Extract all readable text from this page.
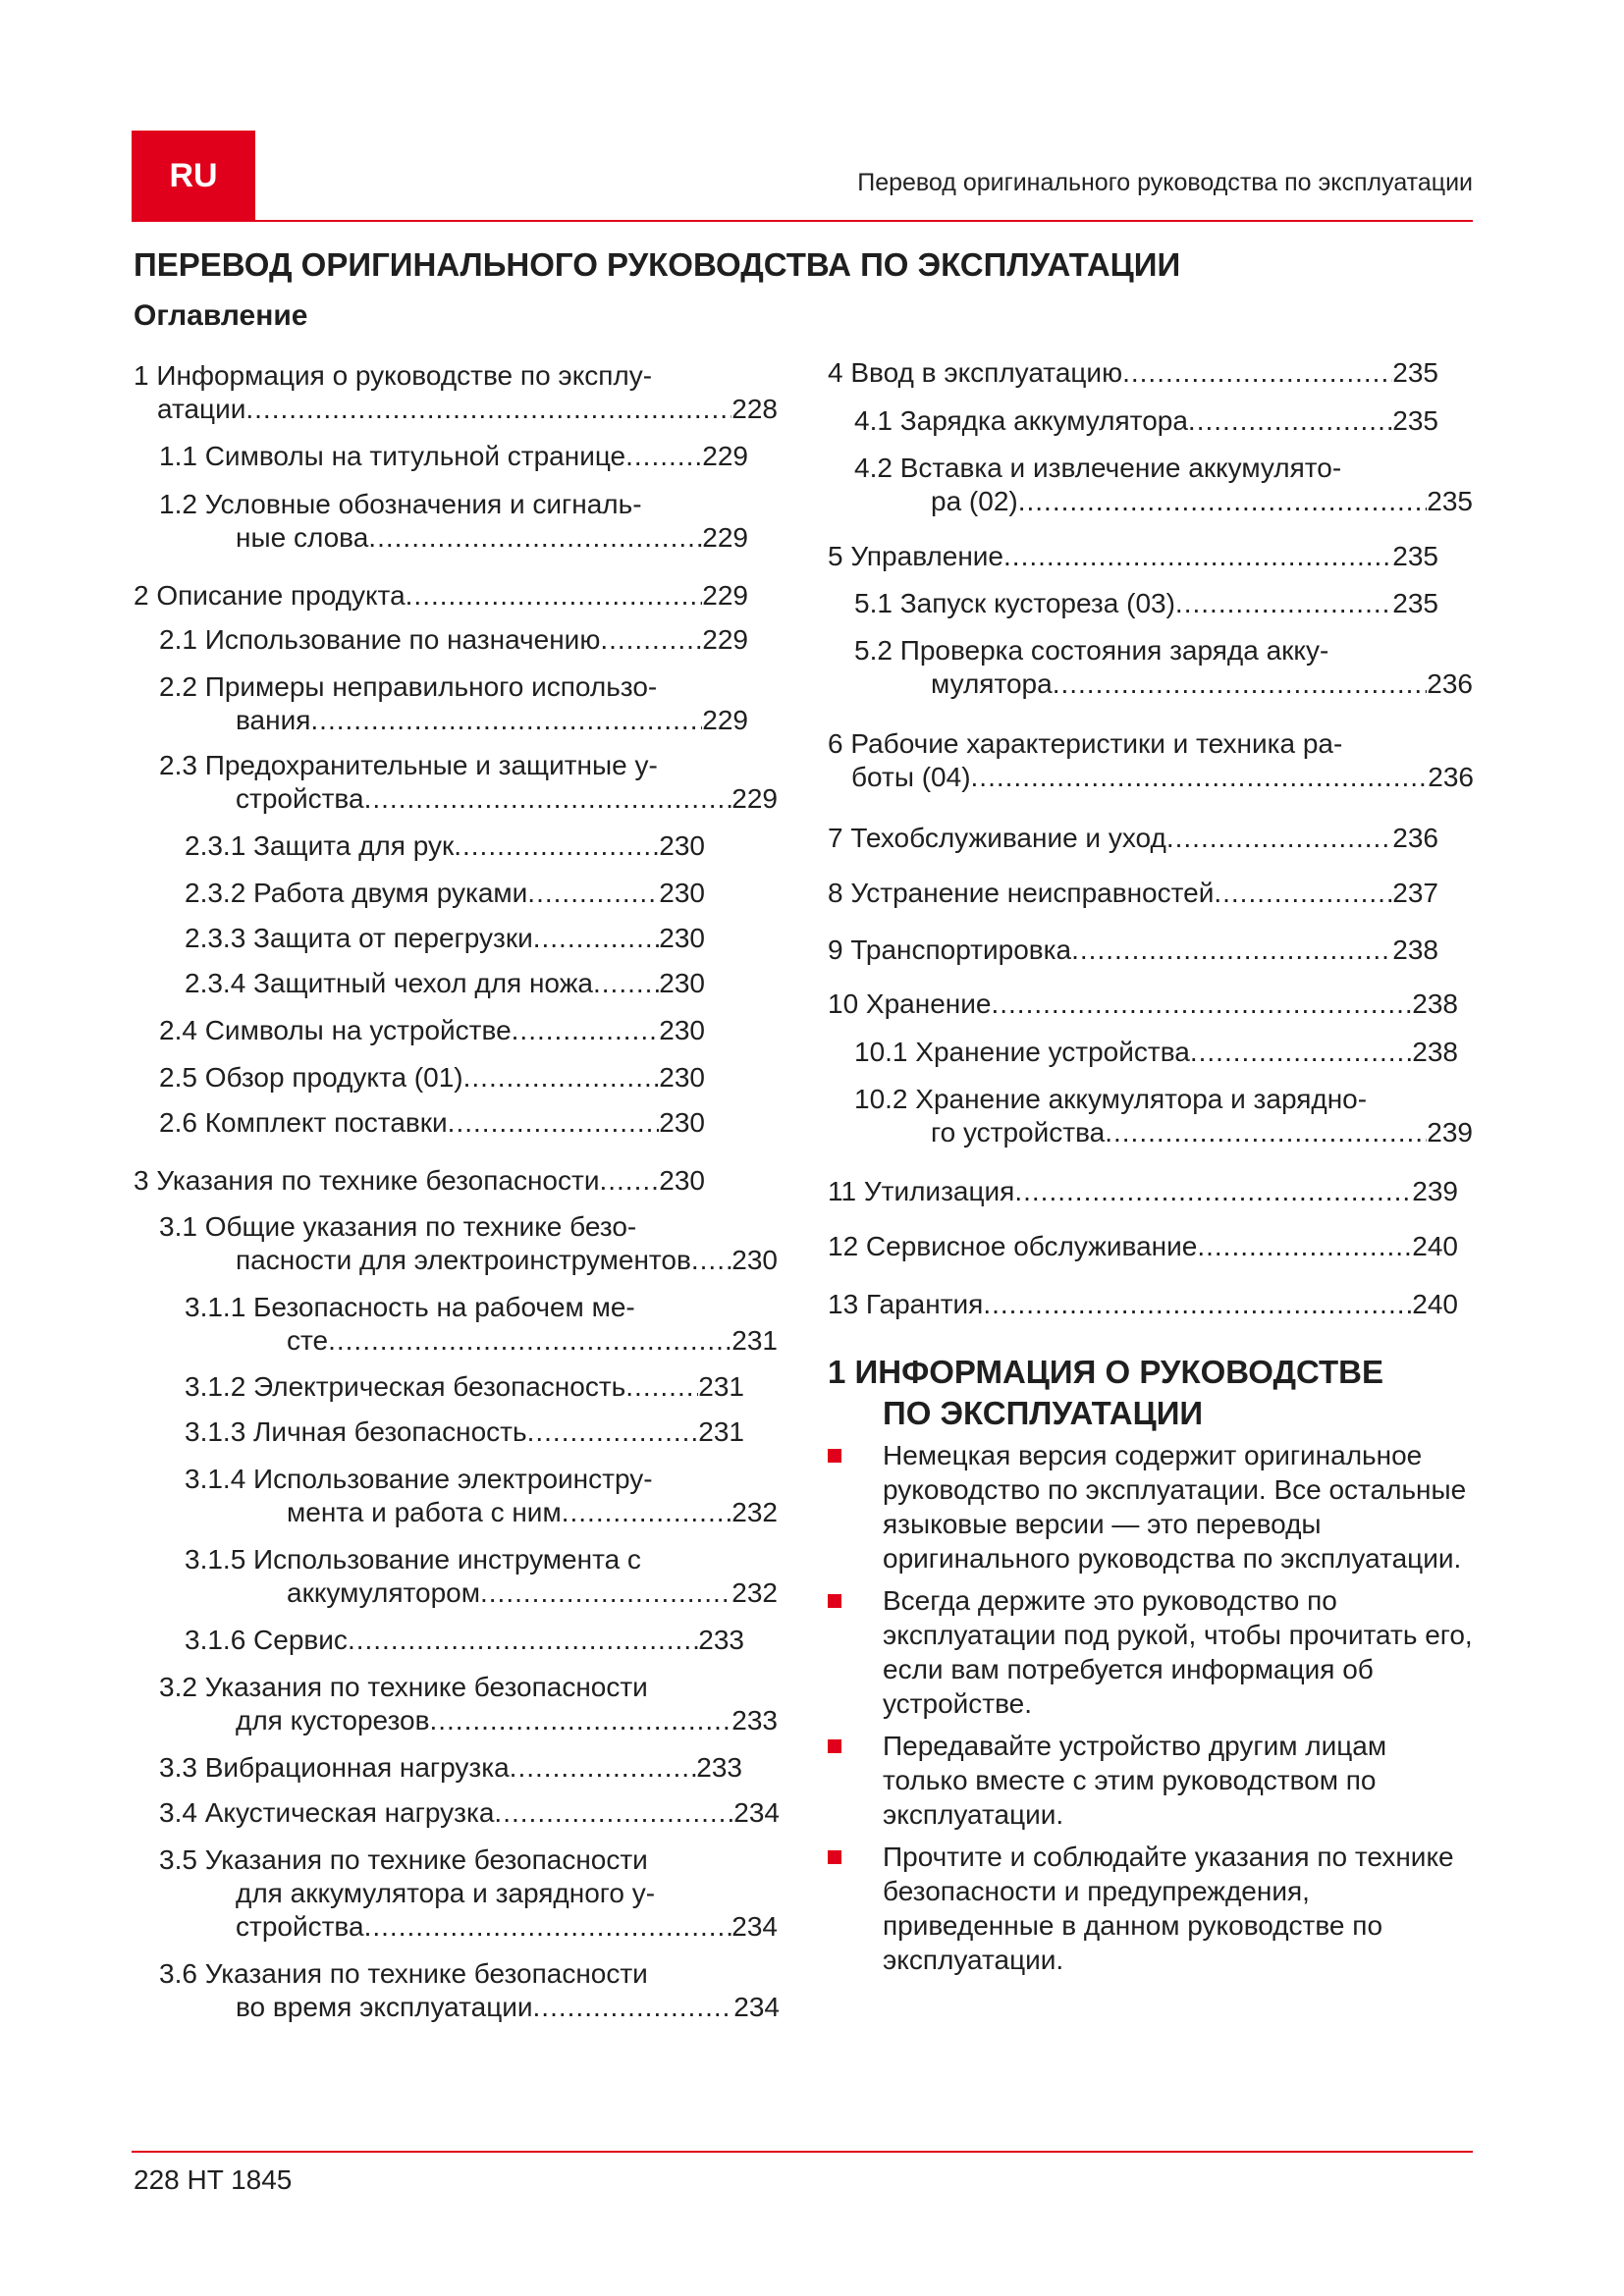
RU	Перевод оригинального руководства по эксплуатации
ПЕРЕВОД ОРИГИНАЛЬНОГО РУКОВОДСТВА ПО ЭКСПЛУАТАЦИИ
Оглавление
1 Информация о руководстве по эксплу-
атации .....	228
1.1 Символы на титульной странице .....	229
1.2 Условные обозначения и сигналь-
ные слова .....	229
2 Описание продукта .....	229
2.1 Использование по назначению .....	229
2.2 Примеры неправильного использо-
вания .....	229
2.3 Предохранительные и защитные у-
стройства .....	229
2.3.1 Защита для рук .....	230
2.3.2 Работа двумя руками .....	230
2.3.3 Защита от перегрузки .....	230
2.3.4 Защитный чехол для ножа ..... 230
2.4 Символы на устройстве .....	230
2.5 Обзор продукта (01) .....	230
2.6 Комплект поставки .....	230
3 Указания по технике безопасности ..... 230
3.1 Общие указания по технике безо-
пасности для электроинструментов ..... 230
3.1.1 Безопасность на рабочем ме-
сте .....	231
3.1.2 Электрическая безопасность .....	231
3.1.3 Личная безопасность .....	231
3.1.4 Использование электроинстру-
мента и работа с ним .....	232
3.1.5 Использование инструмента с
аккумулятором .....	232
3.1.6 Сервис .....	233
3.2 Указания по технике безопасности
для кусторезов .....	233
3.3 Вибрационная нагрузка .....	233
3.4 Акустическая нагрузка .....	234
3.5 Указания по технике безопасности
для аккумулятора и зарядного у-
стройства .....	234
3.6 Указания по технике безопасности
во время эксплуатации .....	234
4 Ввод в эксплуатацию .....	235
4.1 Зарядка аккумулятора .....	235
4.2 Вставка и извлечение аккумулято-
ра (02) .....	235
5 Управление .....	235
5.1 Запуск кустореза (03) .....	235
5.2 Проверка состояния заряда акку-
мулятора .....	236
6 Рабочие характеристики и техника ра-
боты (04) .....	236
7 Техобслуживание и уход .....	236
8 Устранение неисправностей .....	237
9 Транспортировка .....	238
10 Хранение .....	238
10.1 Хранение устройства .....	238
10.2 Хранение аккумулятора и зарядно-
го устройства .....	239
11 Утилизация .....	239
12 Сервисное обслуживание .....	240
13 Гарантия .....	240
1 ИНФОРМАЦИЯ О РУКОВОДСТВЕ
ПО ЭКСПЛУАТАЦИИ
Немецкая версия содержит оригинальное руководство по эксплуатации. Все остальные языковые версии — это переводы оригинального руководства по эксплуатации.
Всегда держите это руководство по эксплуатации под рукой, чтобы прочитать его, если вам потребуется информация об устройстве.
Передавайте устройство другим лицам только вместе с этим руководством по эксплуатации.
Прочтите и соблюдайте указания по технике безопасности и предупреждения, приведенные в данном руководстве по эксплуатации.
228 HT 1845
